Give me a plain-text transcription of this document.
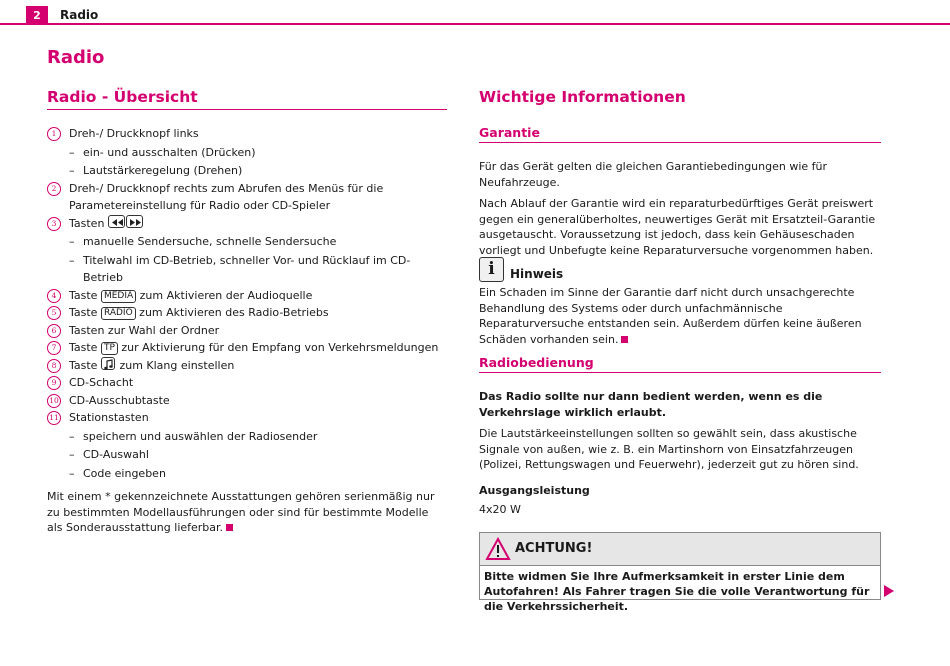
2	Radio
Radio
Radio - Übersicht
1	Dreh-/ Druckknopf links
– ein- und ausschalten (Drücken)
– Lautstärkeregelung (Drehen)
2	Dreh-/ Druckknopf rechts zum Abrufen des Menüs für die Parametereinstellung für Radio oder CD-Spieler
3	Tasten
– manuelle Sendersuche, schnelle Sendersuche
– Titelwahl im CD-Betrieb, schneller Vor- und Rücklauf im CD-Betrieb
4	Taste MEDIA zum Aktivieren der Audioquelle
5	Taste RADIO zum Aktivieren des Radio-Betriebs
6	Tasten zur Wahl der Ordner
7	Taste TP zur Aktivierung für den Empfang von Verkehrsmeldungen
8	Taste zum Klang einstellen
9	CD-Schacht
10 CD-Ausschubtaste
11 Stationstasten
– speichern und auswählen der Radiosender
– CD-Auswahl
– Code eingeben
Mit einem * gekennzeichnete Ausstattungen gehören serienmäßig nur zu bestimmten Modellausführungen oder sind für bestimmte Modelle als Sonderausstattung lieferbar.
Wichtige Informationen
Garantie
Für das Gerät gelten die gleichen Garantiebedingungen wie für Neufahrzeuge.
Nach Ablauf der Garantie wird ein reparaturbedürftiges Gerät preiswert gegen ein generalüberholtes, neuwertiges Gerät mit Ersatzteil-Garantie ausgetauscht. Voraussetzung ist jedoch, dass kein Gehäuseschaden vorliegt und Unbefugte keine Reparaturversuche vorgenommen haben.
i	Hinweis
Ein Schaden im Sinne der Garantie darf nicht durch unsachgerechte Behandlung des Systems oder durch unfachmännische Reparaturversuche entstanden sein. Außerdem dürfen keine äußeren Schäden vorhanden sein.
Radiobedienung
Das Radio sollte nur dann bedient werden, wenn es die Verkehrslage wirklich erlaubt.
Die Lautstärkeeinstellungen sollten so gewählt sein, dass akustische Signale von außen, wie z. B. ein Martinshorn von Einsatzfahrzeugen (Polizei, Rettungswagen und Feuerwehr), jederzeit gut zu hören sind.
Ausgangsleistung
4x20 W
ACHTUNG!
Bitte widmen Sie Ihre Aufmerksamkeit in erster Linie dem Autofahren! Als Fahrer tragen Sie die volle Verantwortung für die Verkehrssicherheit.
